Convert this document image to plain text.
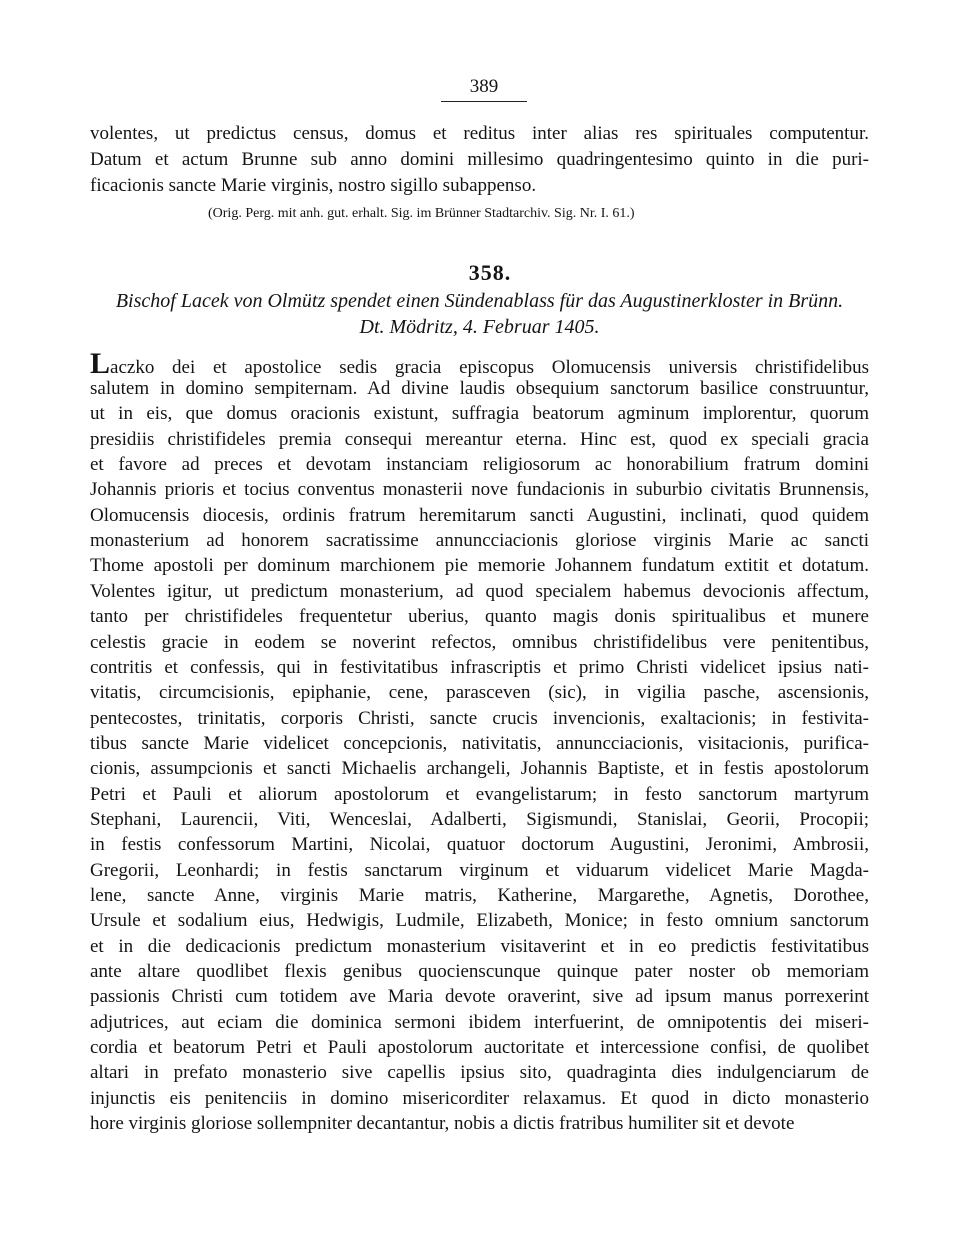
389
volentes, ut predictus census, domus et reditus inter alias res spirituales computentur.
Datum et actum Brunne sub anno domini millesimo quadringentesimo quinto in die puri-
ficacionis sancte Marie virginis, nostro sigillo subappenso.
(Orig. Perg. mit anh. gut. erhalt. Sig. im Brünner Stadtarchiv. Sig. Nr. I. 61.)
358.
Bischof Lacek von Olmütz spendet einen Sündenablass für das Augustinerkloster in Brünn.
Dt. Mödritz, 4. Februar 1405.
Laczko dei et apostolice sedis gracia episcopus Olomucensis universis christifidelibus
salutem in domino sempiternam. Ad divine laudis obsequium sanctorum basilice construuntur,
ut in eis, que domus oracionis existunt, suffragia beatorum agminum implorentur, quorum
presidiis christifideles premia consequi mereantur eterna. Hinc est, quod ex speciali gracia
et favore ad preces et devotam instanciam religiosorum ac honorabilium fratrum domini
Johannis prioris et tocius conventus monasterii nove fundacionis in suburbio civitatis Brunnensis,
Olomucensis diocesis, ordinis fratrum heremitarum sancti Augustini, inclinati, quod quidem
monasterium ad honorem sacratissime annuncciacionis gloriose virginis Marie ac sancti
Thome apostoli per dominum marchionem pie memorie Johannem fundatum extitit et dotatum.
Volentes igitur, ut predictum monasterium, ad quod specialem habemus devocionis affectum,
tanto per christifideles frequentetur uberius, quanto magis donis spiritualibus et munere
celestis gracie in eodem se noverint refectos, omnibus christifidelibus vere penitentibus,
contritis et confessis, qui in festivitatibus infrascriptis et primo Christi videlicet ipsius nati-
vitatis, circumcisionis, epiphanie, cene, parasceven (sic), in vigilia pasche, ascensionis,
pentecostes, trinitatis, corporis Christi, sancte crucis invencionis, exaltacionis; in festivita-
tibus sancte Marie videlicet concepcionis, nativitatis, annuncciacionis, visitacionis, purifica-
cionis, assumpcionis et sancti Michaelis archangeli, Johannis Baptiste, et in festis apostolorum
Petri et Pauli et aliorum apostolorum et evangelistarum; in festo sanctorum martyrum
Stephani, Laurencii, Viti, Wenceslai, Adalberti, Sigismundi, Stanislai, Georii, Procopii;
in festis confessorum Martini, Nicolai, quatuor doctorum Augustini, Jeronimi, Ambrosii,
Gregorii, Leonhardi; in festis sanctarum virginum et viduarum videlicet Marie Magda-
lene, sancte Anne, virginis Marie matris, Katherine, Margarethe, Agnetis, Dorothee,
Ursule et sodalium eius, Hedwigis, Ludmile, Elizabeth, Monice; in festo omnium sanctorum
et in die dedicacionis predictum monasterium visitaverint et in eo predictis festivitatibus
ante altare quodlibet flexis genibus quocienscunque quinque pater noster ob memoriam
passionis Christi cum totidem ave Maria devote oraverint, sive ad ipsum manus porrexerint
adjutrices, aut eciam die dominica sermoni ibidem interfuerint, de omnipotentis dei miseri-
cordia et beatorum Petri et Pauli apostolorum auctoritate et intercessione confisi, de quolibet
altari in prefato monasterio sive capellis ipsius sito, quadraginta dies indulgenciarum de
injunctis eis penitenciis in domino misericorditer relaxamus. Et quod in dicto monasterio
hore virginis gloriose sollempniter decantantur, nobis a dictis fratribus humiliter sit et devote
